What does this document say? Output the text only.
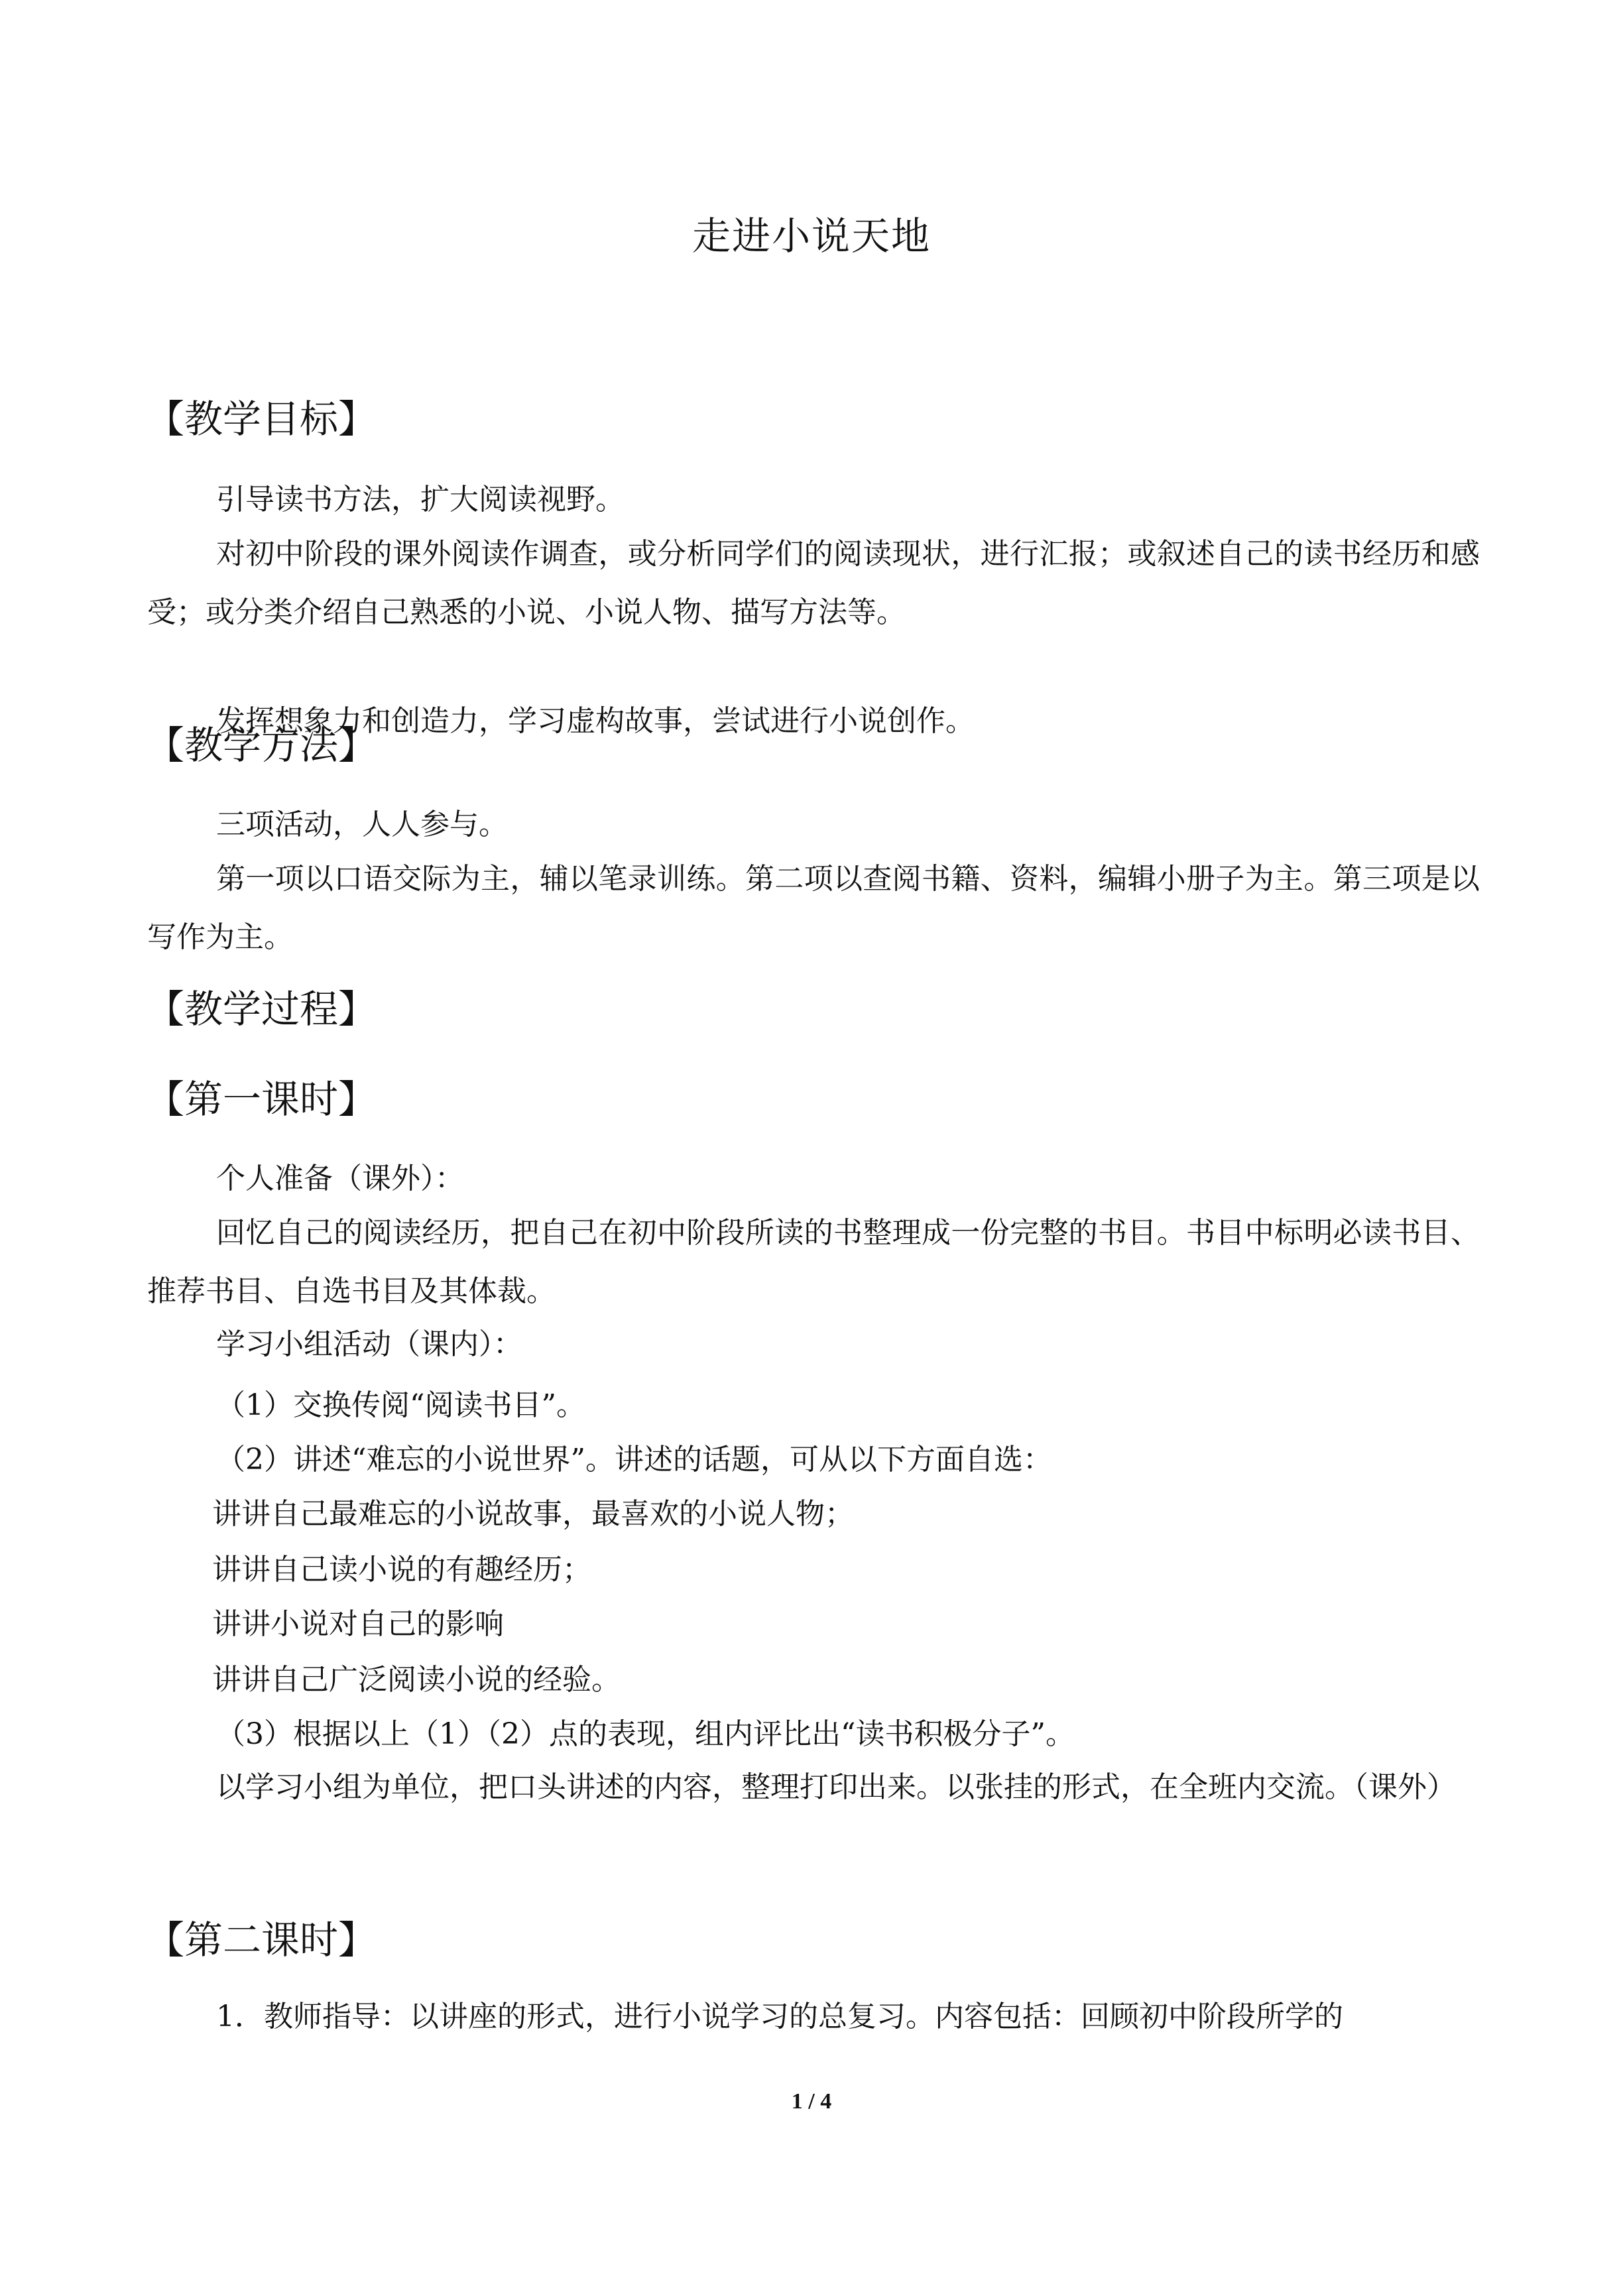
走进小说天地
【教学目标】
引导读书方法，扩大阅读视野。
对初中阶段的课外阅读作调查，或分析同学们的阅读现状，进行汇报；或叙述自己的读书经历和感受；或分类介绍自己熟悉的小说、小说人物、描写方法等。
发挥想象力和创造力，学习虚构故事，尝试进行小说创作。
【教学方法】
三项活动，人人参与。
第一项以口语交际为主，辅以笔录训练。第二项以查阅书籍、资料，编辑小册子为主。第三项是以写作为主。
【教学过程】
【第一课时】
个人准备（课外）：
回忆自己的阅读经历，把自己在初中阶段所读的书整理成一份完整的书目。书目中标明必读书目、推荐书目、自选书目及其体裁。
学习小组活动（课内）：
（1）交换传阅“阅读书目”。
（2）讲述“难忘的小说世界”。讲述的话题，可从以下方面自选：
讲讲自己最难忘的小说故事，最喜欢的小说人物；
讲讲自己读小说的有趣经历；
讲讲小说对自己的影响
讲讲自己广泛阅读小说的经验。
（3）根据以上（1）（2）点的表现，组内评比出“读书积极分子”。
以学习小组为单位，把口头讲述的内容，整理打印出来。以张挂的形式，在全班内交流。（课外）
【第二课时】
1．教师指导：以讲座的形式，进行小说学习的总复习。内容包括：回顾初中阶段所学的
1 / 4
